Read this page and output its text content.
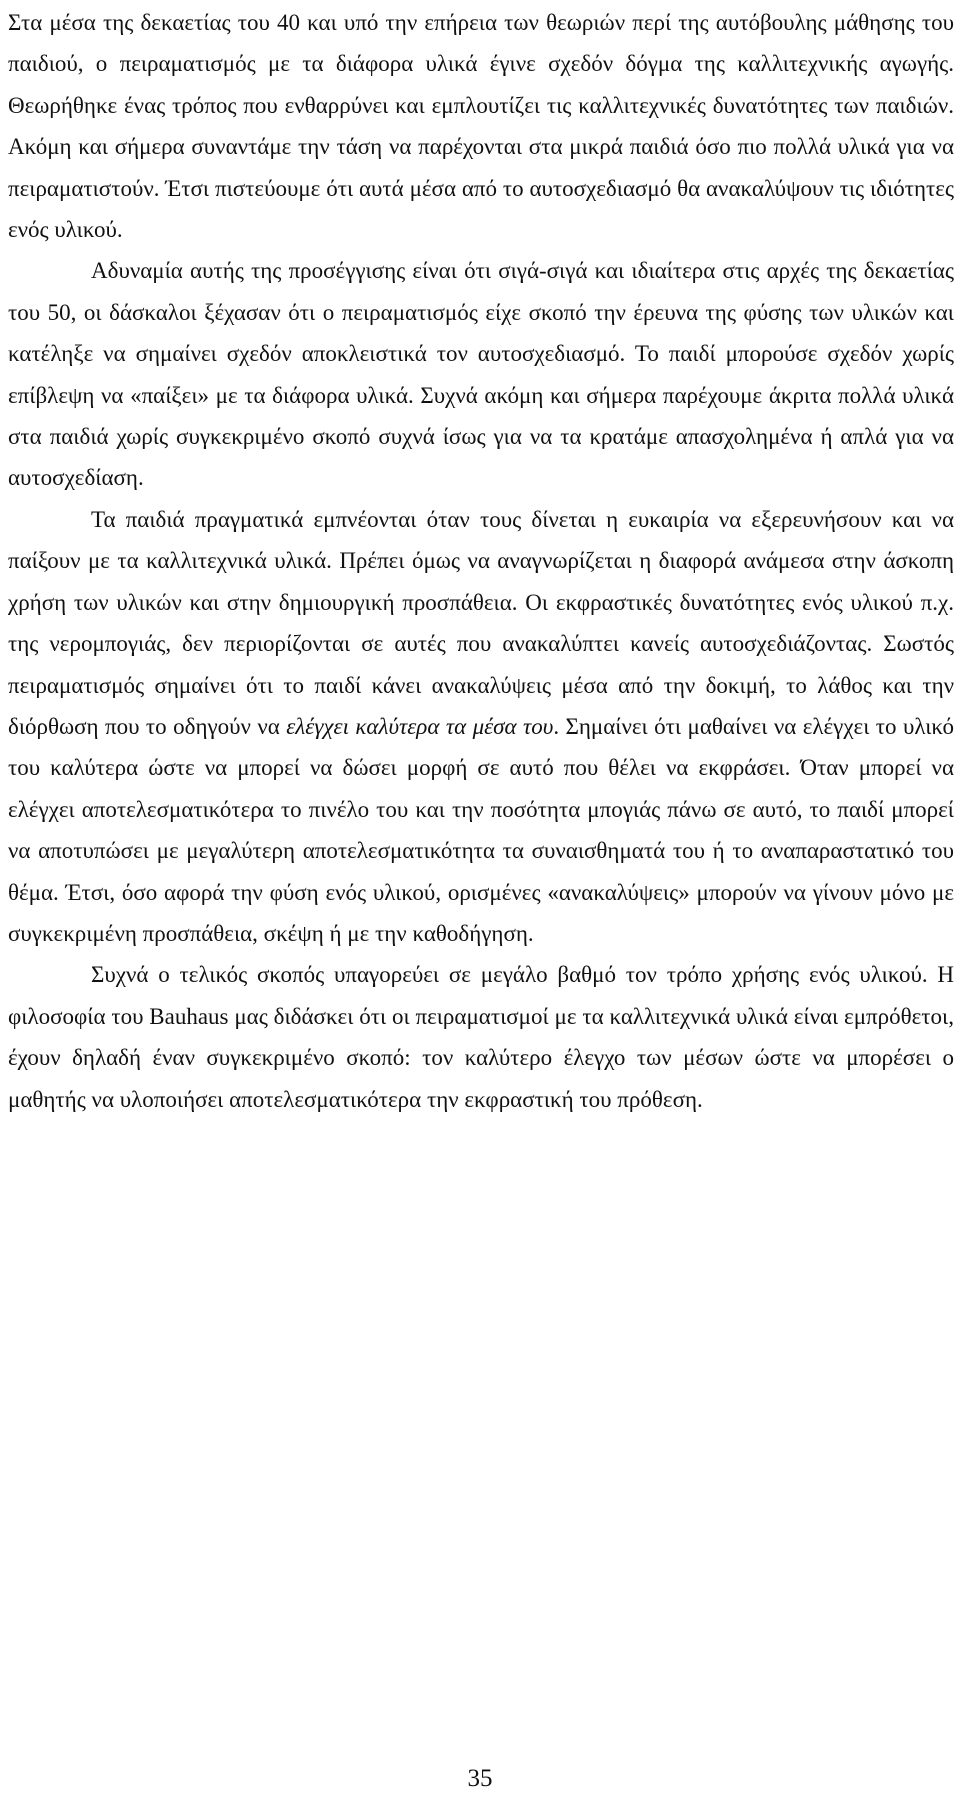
Στα μέσα της δεκαετίας του 40 και υπό την επήρεια των θεωριών περί της αυτόβουλης μάθησης του παιδιού, ο πειραματισμός με τα διάφορα υλικά έγινε σχεδόν δόγμα της καλλιτεχνικής αγωγής. Θεωρήθηκε ένας τρόπος που ενθαρρύνει και εμπλουτίζει τις καλλιτεχνικές δυνατότητες των παιδιών. Ακόμη και σήμερα συναντάμε την τάση να παρέχονται στα μικρά παιδιά όσο πιο πολλά υλικά για να πειραματιστούν. Έτσι πιστεύουμε ότι αυτά μέσα από το αυτοσχεδιασμό θα ανακαλύψουν τις ιδιότητες ενός υλικού.

Αδυναμία αυτής της προσέγγισης είναι ότι σιγά-σιγά και ιδιαίτερα στις αρχές της δεκαετίας του 50, οι δάσκαλοι ξέχασαν ότι ο πειραματισμός είχε σκοπό την έρευνα της φύσης των υλικών και κατέληξε να σημαίνει σχεδόν αποκλειστικά τον αυτοσχεδιασμό. Το παιδί μπορούσε σχεδόν χωρίς επίβλεψη να «παίξει» με τα διάφορα υλικά. Συχνά ακόμη και σήμερα παρέχουμε άκριτα πολλά υλικά στα παιδιά χωρίς συγκεκριμένο σκοπό συχνά ίσως για να τα κρατάμε απασχολημένα ή απλά για να αυτοσχεδίαση.

Τα παιδιά πραγματικά εμπνέονται όταν τους δίνεται η ευκαιρία να εξερευνήσουν και να παίξουν με τα καλλιτεχνικά υλικά. Πρέπει όμως να αναγνωρίζεται η διαφορά ανάμεσα στην άσκοπη χρήση των υλικών και στην δημιουργική προσπάθεια. Οι εκφραστικές δυνατότητες ενός υλικού π.χ. της νερομπογιάς, δεν περιορίζονται σε αυτές που ανακαλύπτει κανείς αυτοσχεδιάζοντας. Σωστός πειραματισμός σημαίνει ότι το παιδί κάνει ανακαλύψεις μέσα από την δοκιμή, το λάθος και την διόρθωση που το οδηγούν να ελέγχει καλύτερα τα μέσα του. Σημαίνει ότι μαθαίνει να ελέγχει το υλικό του καλύτερα ώστε να μπορεί να δώσει μορφή σε αυτό που θέλει να εκφράσει. Όταν μπορεί να ελέγχει αποτελεσματικότερα το πινέλο του και την ποσότητα μπογιάς πάνω σε αυτό, το παιδί μπορεί να αποτυπώσει με μεγαλύτερη αποτελεσματικότητα τα συναισθηματά του ή το αναπαραστατικό του θέμα. Έτσι, όσο αφορά την φύση ενός υλικού, ορισμένες «ανακαλύψεις» μπορούν να γίνουν μόνο με συγκεκριμένη προσπάθεια, σκέψη ή με την καθοδήγηση.

Συχνά ο τελικός σκοπός υπαγορεύει σε μεγάλο βαθμό τον τρόπο χρήσης ενός υλικού. Η φιλοσοφία του Bauhaus μας διδάσκει ότι οι πειραματισμοί με τα καλλιτεχνικά υλικά είναι εμπρόθετοι, έχουν δηλαδή έναν συγκεκριμένο σκοπό: τον καλύτερο έλεγχο των μέσων ώστε να μπορέσει ο μαθητής να υλοποιήσει αποτελεσματικότερα την εκφραστική του πρόθεση.

35
